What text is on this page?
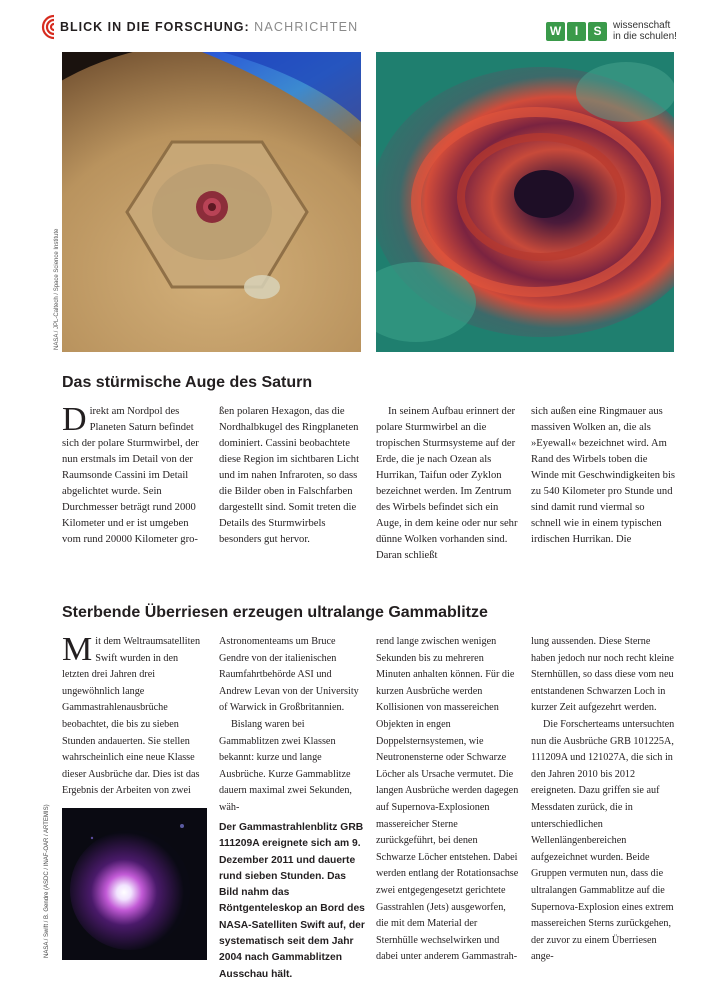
BLICK IN DIE FORSCHUNG: NACHRICHTEN	W	I	S	wissenschaft
in die schulen!
NASA / JPL-Caltech / Space Science Institute
Das stürmische Auge des Saturn

Direkt am Nordpol des Planeten Saturn befindet sich der polare Sturmwirbel, der nun erstmals im Detail von der Raumsonde Cassini im Detail abgelichtet wurde. Sein Durchmesser beträgt rund 2000 Kilometer und er ist umgeben vom rund 20000 Kilometer gro-

ßen polaren Hexagon, das die Nordhalbkugel des Ringplaneten dominiert. Cassini beobachtete diese Region im sichtbaren Licht und im nahen Infraroten, so dass die Bilder oben in Falschfarben dargestellt sind. Somit treten die Details des Sturmwirbels besonders gut hervor.

In seinem Aufbau erinnert der polare Sturmwirbel an die tropischen Sturmsysteme auf der Erde, die je nach Ozean als Hurrikan, Taifun oder Zyklon bezeichnet werden. Im Zentrum des Wirbels befindet sich ein Auge, in dem keine oder nur sehr dünne Wolken vorhanden sind. Daran schließt

sich außen eine Ringmauer aus massiven Wolken an, die als »Eyewall« bezeichnet wird. Am Rand des Wirbels toben die Winde mit Geschwindigkeiten bis zu 540 Kilometer pro Stunde und sind damit rund viermal so schnell wie in einem typischen irdischen Hurrikan. Die

Sterbende Überriesen erzeugen ultralange Gammablitze

Mit dem Weltraumsatelliten Swift wurden in den letzten drei Jahren drei ungewöhnlich lange Gammastrahlenausbrüche beobachtet, die bis zu sieben Stunden andauerten. Sie stellen wahrscheinlich eine neue Klasse dieser Ausbrüche dar. Dies ist das Ergebnis der Arbeiten von zwei

Astronomenteams um Bruce Gendre von der italienischen Raumfahrtbehörde ASI und Andrew Levan von der University of Warwick in Großbritannien.

Bislang waren bei Gammablitzen zwei Klassen bekannt: kurze und lange Ausbrüche. Kurze Gammablitze dauern maximal zwei Sekunden, wäh-

rend lange zwischen wenigen Sekunden bis zu mehreren Minuten anhalten können. Für die kurzen Ausbrüche werden Kollisionen von massereichen Objekten in engen Doppelsternsystemen, wie Neutronensterne oder Schwarze Löcher als Ursache vermutet. Die langen Ausbrüche werden dagegen auf Supernova-Explosionen massereicher Sterne zurückgeführt, bei denen Schwarze Löcher entstehen. Dabei werden entlang der Rotationsachse zwei entgegengesetzt gerichtete Gasstrahlen (Jets) ausgeworfen, die mit dem Material der Sternhülle wechselwirken und dabei unter anderem Gammastrah-

lung aussenden. Diese Sterne haben jedoch nur noch recht kleine Sternhüllen, so dass diese vom neu entstandenen Schwarzen Loch in kurzer Zeit aufgezehrt werden.

Die Forscherteams untersuchten nun die Ausbrüche GRB 101225A, 111209A und 121027A, die sich in den Jahren 2010 bis 2012 ereigneten. Dazu griffen sie auf Messdaten zurück, die in unterschiedlichen Wellenlängenbereichen aufgezeichnet wurden. Beide Gruppen vermuten nun, dass die ultralangen Gammablitze auf die Supernova-Explosion eines extrem massereichen Sterns zurückgehen, der zuvor zu einem Überriesen ange-

NASA / Swift / B. Gendre (ASDC / INAF-OAR / ARTEMIS)	Der Gammastrahlenblitz GRB 111209A ereignete sich am 9. Dezember 2011 und dauerte rund sieben Stunden. Das Bild nahm das Röntgenteleskop an Bord des NASA-Satelliten Swift auf, der systematisch seit dem Jahr 2004 nach Gammablitzen Ausschau hält.
